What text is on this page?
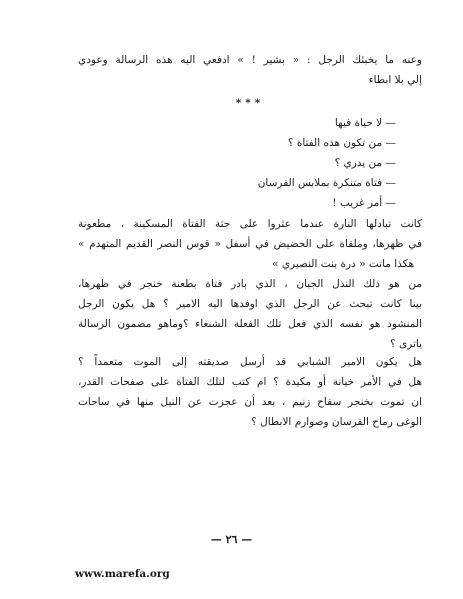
وعنه ما يخبئك الرجل : « بشير ! » ادفعي اليه هذه الرسالة وعودي
إلي بلا ابطاء
***
— لا حياة فيها
— من تكون هذه الفتاة ؟
— من يدري ؟
— فتاة متنكرة بملابس الفرسان
— أمر غريب !
كانت تبادلها النارة عندما عثروا على جثة الفتاة المسكينة ، مطعونة
في ظهرها، وملقاة على الحضيض في أسفل « قوس النصر القديم المتهدم »
هكذا ماتت « درة بنت النصيري »
من هو ذلك النذل الجبان ، الذي بادر فتاة بطعنة خنجر في ظهرها،
بينا كانت تبحث عن الرجل الذي اوفدها اليه الامير ؟ هل يكون الرجل
المنشود هو نفسه الذي فعل تلك الفعلة الشنعاء ؟وماهو مضمون الرسالة
ياترى ؟
هل يكون الامير الشبابي قد أرسل صديقته إلى الموت متعمداً ؟
هل في الأمر خيانة أو مكيدة ؟ ام كتب لتلك الفتاة على صفحات القدر،
ان تموت بخنجر سفاح زنيم ، بعد أن عجزت عن النيل منها في ساحات
الوغى رماح الفرسان وصوارم الابطال ؟
— ٢٦ —
www.marefa.org
